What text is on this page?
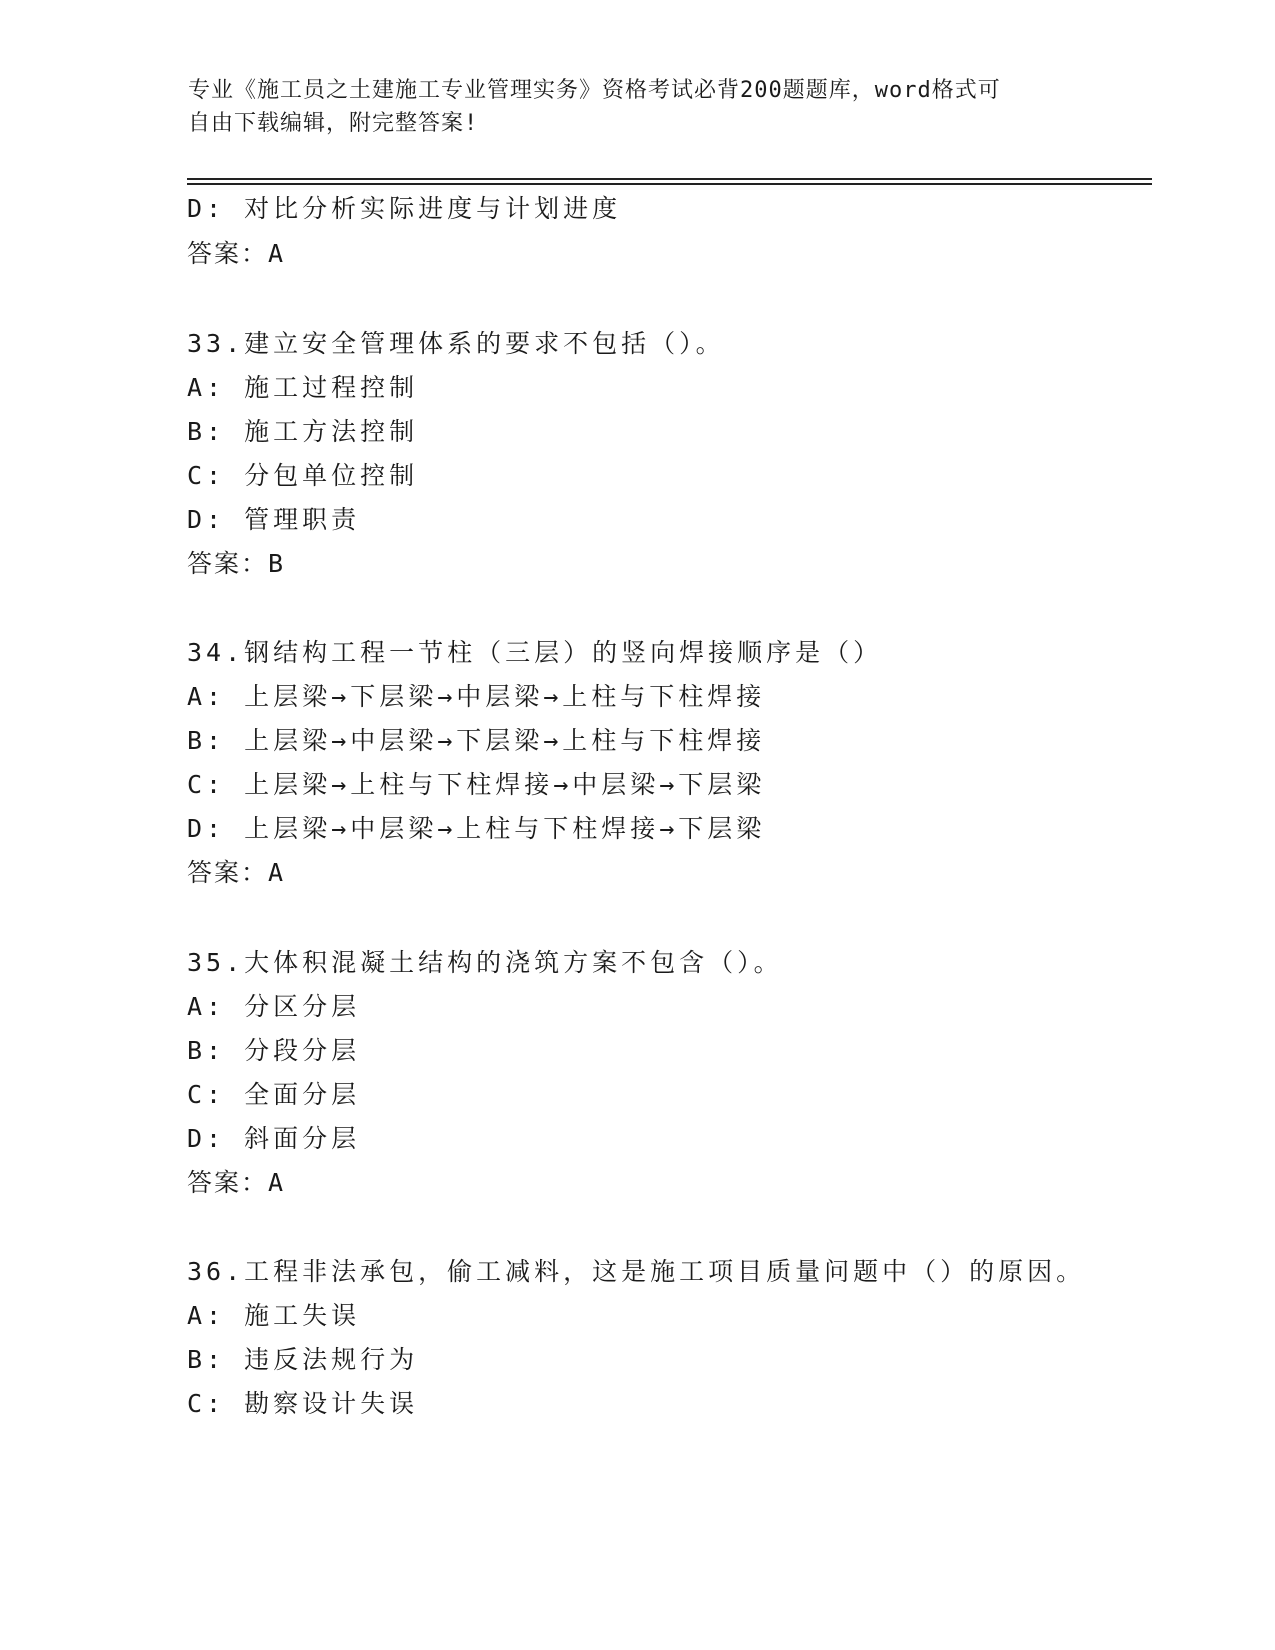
专业《施工员之土建施工专业管理实务》资格考试必背200题题库，word格式可
自由下载编辑，附完整答案!
D: 对比分析实际进度与计划进度
答案：A
33.建立安全管理体系的要求不包括（）。
A: 施工过程控制
B: 施工方法控制
C: 分包单位控制
D: 管理职责
答案：B
34.钢结构工程一节柱（三层）的竖向焊接顺序是（）
A: 上层梁→下层梁→中层梁→上柱与下柱焊接
B: 上层梁→中层梁→下层梁→上柱与下柱焊接
C: 上层梁→上柱与下柱焊接→中层梁→下层梁
D: 上层梁→中层梁→上柱与下柱焊接→下层梁
答案：A
35.大体积混凝土结构的浇筑方案不包含（）。
A: 分区分层
B: 分段分层
C: 全面分层
D: 斜面分层
答案：A
36.工程非法承包，偷工减料，这是施工项目质量问题中（）的原因。
A: 施工失误
B: 违反法规行为
C: 勘察设计失误
